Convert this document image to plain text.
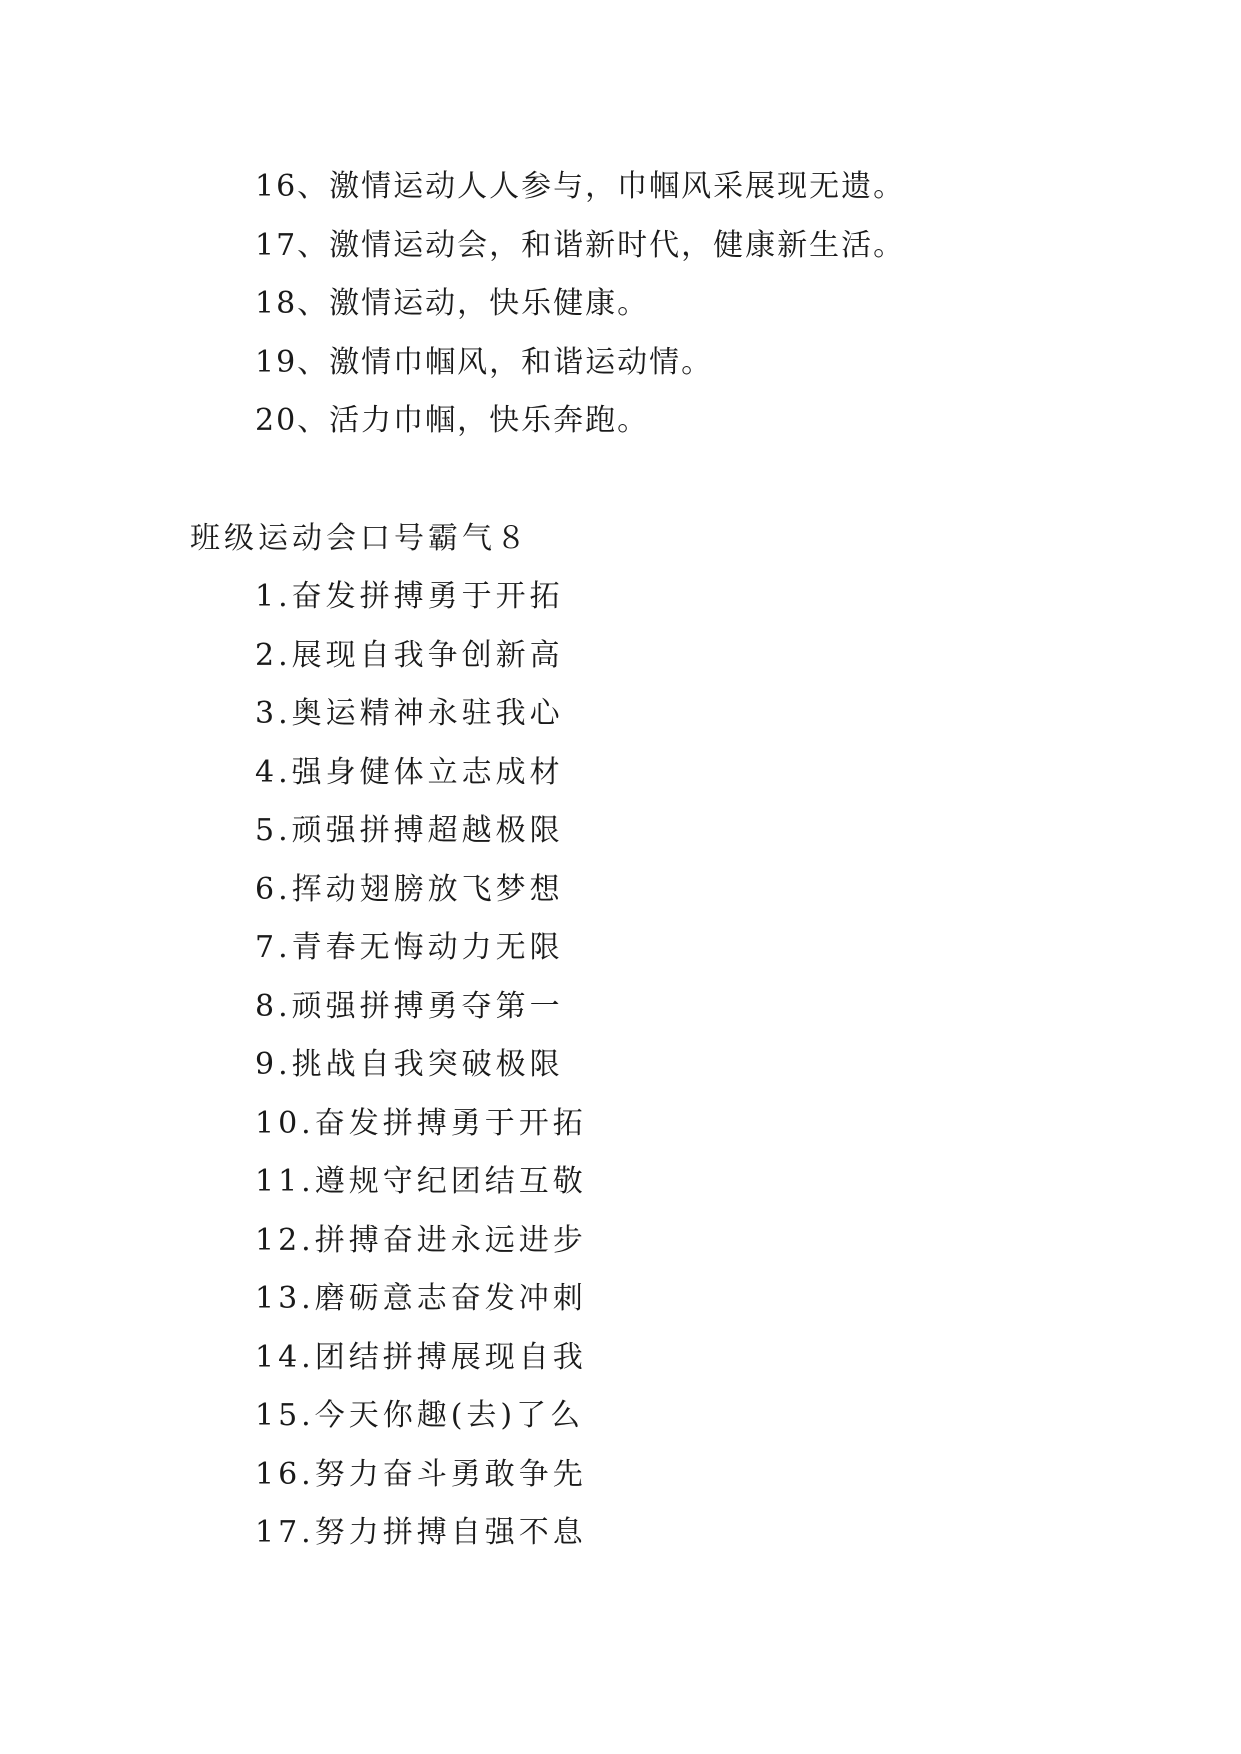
16、激情运动人人参与，巾帼风采展现无遗。
17、激情运动会，和谐新时代，健康新生活。
18、激情运动，快乐健康。
19、激情巾帼风，和谐运动情。
20、活力巾帼，快乐奔跑。
班级运动会口号霸气８
1.奋发拼搏勇于开拓
2.展现自我争创新高
3.奥运精神永驻我心
4.强身健体立志成材
5.顽强拼搏超越极限
6.挥动翅膀放飞梦想
7.青春无悔动力无限
8.顽强拼搏勇夺第一
9.挑战自我突破极限
10.奋发拼搏勇于开拓
11.遵规守纪团结互敬
12.拼搏奋进永远进步
13.磨砺意志奋发冲刺
14.团结拼搏展现自我
15.今天你趣(去)了么
16.努力奋斗勇敢争先
17.努力拼搏自强不息
